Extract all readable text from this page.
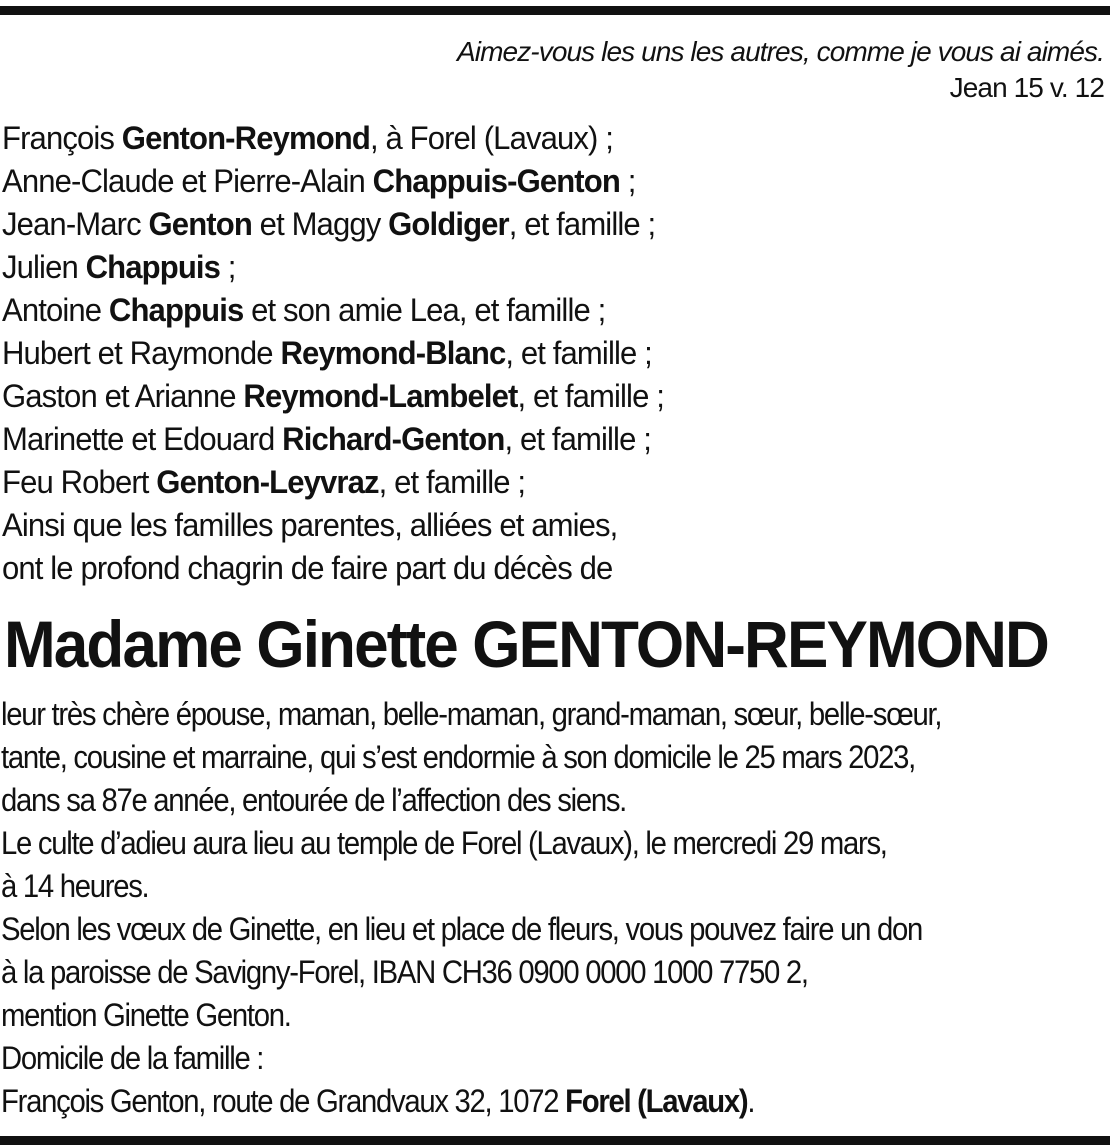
Aimez-vous les uns les autres, comme je vous ai aimés.
Jean 15 v. 12
François Genton-Reymond, à Forel (Lavaux) ;
Anne-Claude et Pierre-Alain Chappuis-Genton ;
Jean-Marc Genton et Maggy Goldiger, et famille ;
Julien Chappuis ;
Antoine Chappuis et son amie Lea, et famille ;
Hubert et Raymonde Reymond-Blanc, et famille ;
Gaston et Arianne Reymond-Lambelet, et famille ;
Marinette et Edouard Richard-Genton, et famille ;
Feu Robert Genton-Leyvraz, et famille ;
Ainsi que les familles parentes, alliées et amies,
ont le profond chagrin de faire part du décès de
Madame Ginette GENTON-REYMOND
leur très chère épouse, maman, belle-maman, grand-maman, sœur, belle-sœur,
tante, cousine et marraine, qui s’est endormie à son domicile le 25 mars 2023,
dans sa 87e année, entourée de l’affection des siens.
Le culte d’adieu aura lieu au temple de Forel (Lavaux), le mercredi 29 mars,
à 14 heures.
Selon les vœux de Ginette, en lieu et place de fleurs, vous pouvez faire un don
à la paroisse de Savigny-Forel, IBAN CH36 0900 0000 1000 7750 2,
mention Ginette Genton.
Domicile de la famille :
François Genton, route de Grandvaux 32, 1072 Forel (Lavaux).
